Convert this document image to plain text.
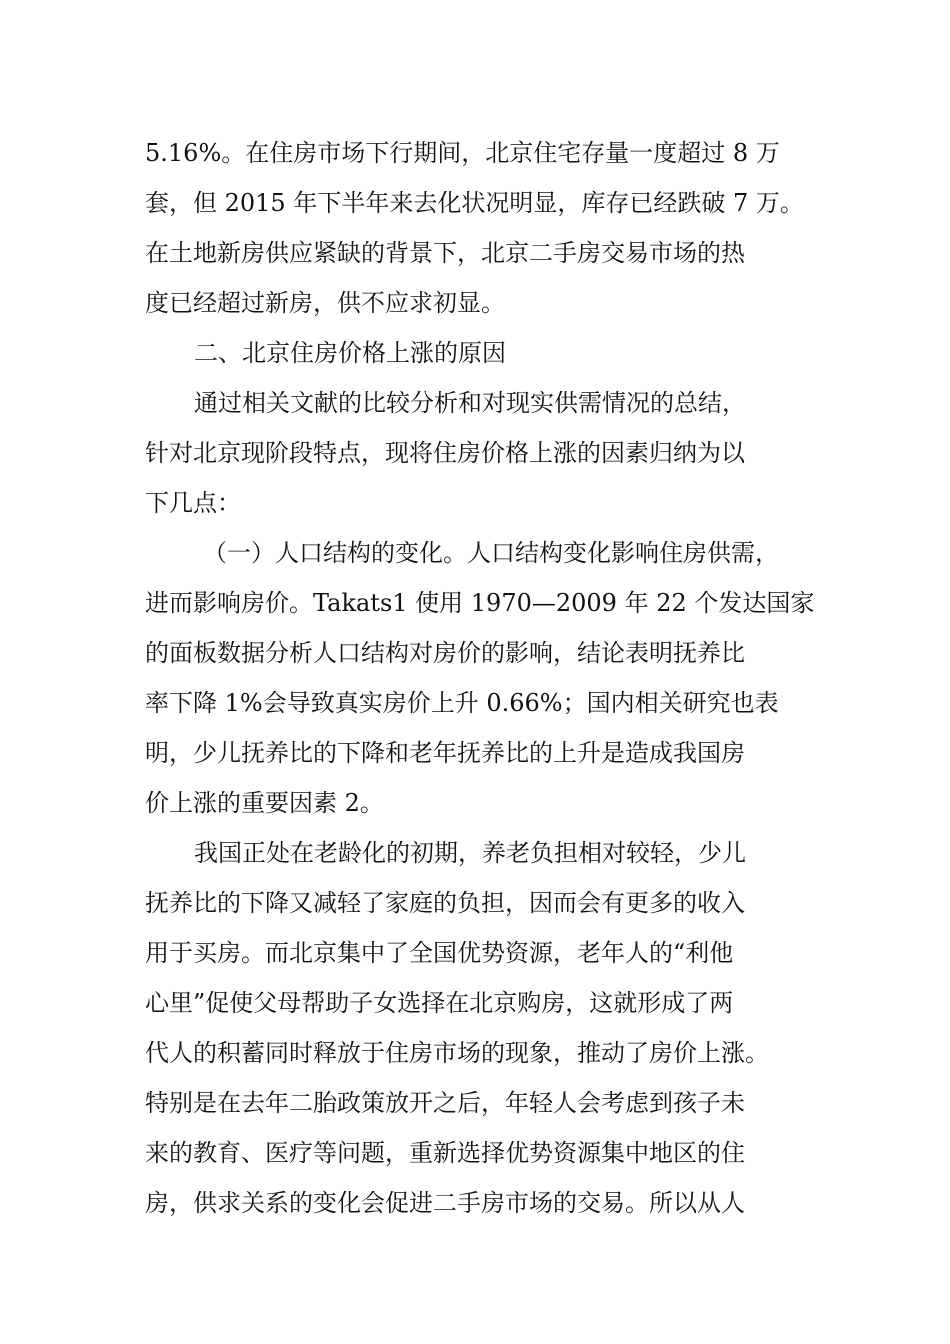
5.16%。在住房市场下行期间，北京住宅存量一度超过 8 万
套，但 2015 年下半年来去化状况明显，库存已经跌破 7 万。
在土地新房供应紧缺的背景下，北京二手房交易市场的热
度已经超过新房，供不应求初显。
二、北京住房价格上涨的原因
通过相关文献的比较分析和对现实供需情况的总结，
针对北京现阶段特点，现将住房价格上涨的因素归纳为以
下几点：
（一）人口结构的变化。人口结构变化影响住房供需，
进而影响房价。Takats1 使用 1970—2009 年 22 个发达国家
的面板数据分析人口结构对房价的影响，结论表明抚养比
率下降 1%会导致真实房价上升 0.66%；国内相关研究也表
明，少儿抚养比的下降和老年抚养比的上升是造成我国房
价上涨的重要因素 2。
我国正处在老龄化的初期，养老负担相对较轻，少儿
抚养比的下降又减轻了家庭的负担，因而会有更多的收入
用于买房。而北京集中了全国优势资源，老年人的“利他
心里”促使父母帮助子女选择在北京购房，这就形成了两
代人的积蓄同时释放于住房市场的现象，推动了房价上涨。
特别是在去年二胎政策放开之后，年轻人会考虑到孩子未
来的教育、医疗等问题，重新选择优势资源集中地区的住
房，供求关系的变化会促进二手房市场的交易。所以从人
